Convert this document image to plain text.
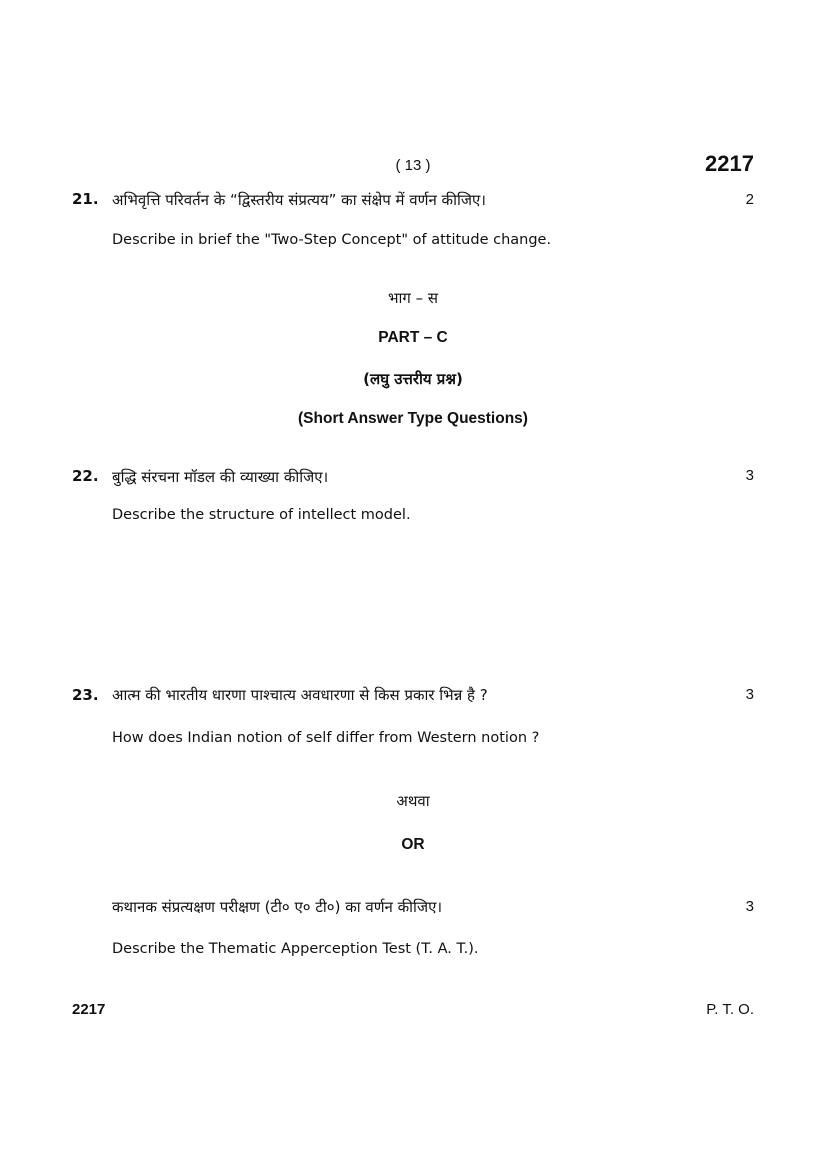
( 13 )	2217
21. अभिवृत्ति परिवर्तन के “द्विस्तरीय संप्रत्यय” का संक्षेप में वर्णन कीजिए।	2
Describe in brief the "Two-Step Concept" of attitude change.
भाग – स
PART – C
(लघु उत्तरीय प्रश्न)
(Short Answer Type Questions)
22. बुद्धि संरचना मॉडल की व्याख्या कीजिए।	3
Describe the structure of intellect model.
23. आत्म की भारतीय धारणा पाश्चात्य अवधारणा से किस प्रकार भिन्न है ?	3
How does Indian notion of self differ from Western notion ?
अथवा
OR
कथानक संप्रत्यक्षण परीक्षण (टी० ए० टी०) का वर्णन कीजिए।	3
Describe the Thematic Apperception Test (T. A. T.).
2217	P. T. O.
